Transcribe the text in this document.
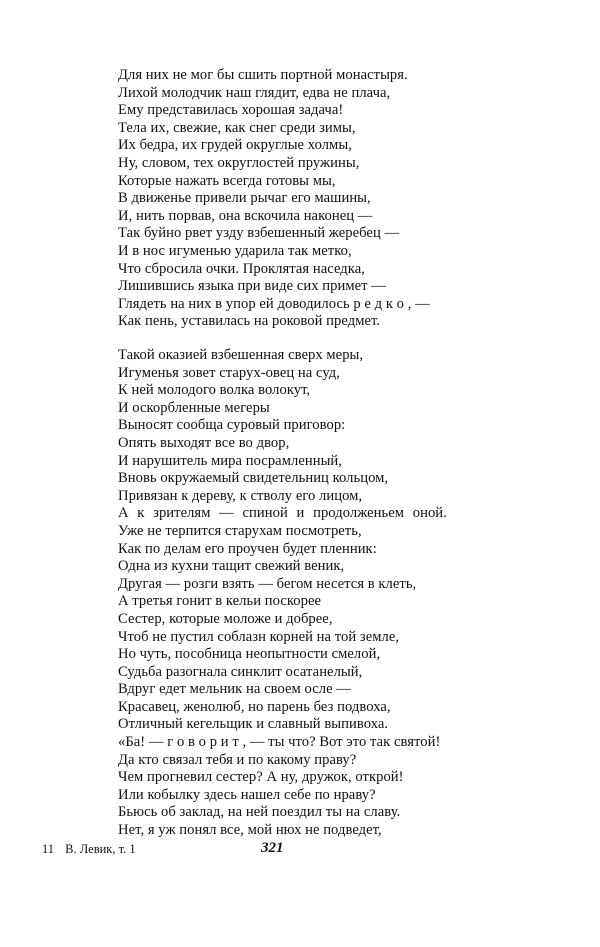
Для них не мог бы сшить портной монастыря.
Лихой молодчик наш глядит, едва не плача,
Ему представилась хорошая задача!
Тела их, свежие, как снег среди зимы,
Их бедра, их грудей округлые холмы,
Ну, словом, тех округлостей пружины,
Которые нажать всегда готовы мы,
В движенье привели рычаг его машины,
И, нить порвав, она вскочила наконец —
Так буйно рвет узду взбешенный жеребец —
И в нос игуменью ударила так метко,
Что сбросила очки. Проклятая наседка,
Лишившись языка при виде сих примет —
Глядеть на них в упор ей доводилось р е д к о , —
Как пень, уставилась на роковой предмет.
Такой оказией взбешенная сверх меры,
Игуменья зовет старух-овец на суд,
К ней молодого волка волокут,
И оскорбленные мегеры
Выносят сообща суровый приговор:
Опять выходят все во двор,
И нарушитель мира посрамленный,
Вновь окружаемый свидетельниц кольцом,
Привязан к дереву, к стволу его лицом,
А к зрителям — спиной и продолженьем оной.
Уже не терпится старухам посмотреть,
Как по делам его проучен будет пленник:
Одна из кухни тащит свежий веник,
Другая — розги взять — бегом несется в клеть,
А третья гонит в кельи поскорее
Сестер, которые моложе и добрее,
Чтоб не пустил соблазн корней на той земле,
Но чуть, пособница неопытности смелой,
Судьба разогнала синклит осатанелый,
Вдруг едет мельник на своем осле —
Красавец, женолюб, но парень без подвоха,
Отличный кегельщик и славный выпивоха.
«Ба! — г о в о р и т , — ты что? Вот это так святой!
Да кто связал тебя и по какому праву?
Чем прогневил сестер? А ну, дружок, открой!
Или кобылку здесь нашел себе по нраву?
Бьюсь об заклад, на ней поездил ты на славу.
Нет, я уж понял все, мой нюх не подведет,
11 В. Левик, т. 1	321
